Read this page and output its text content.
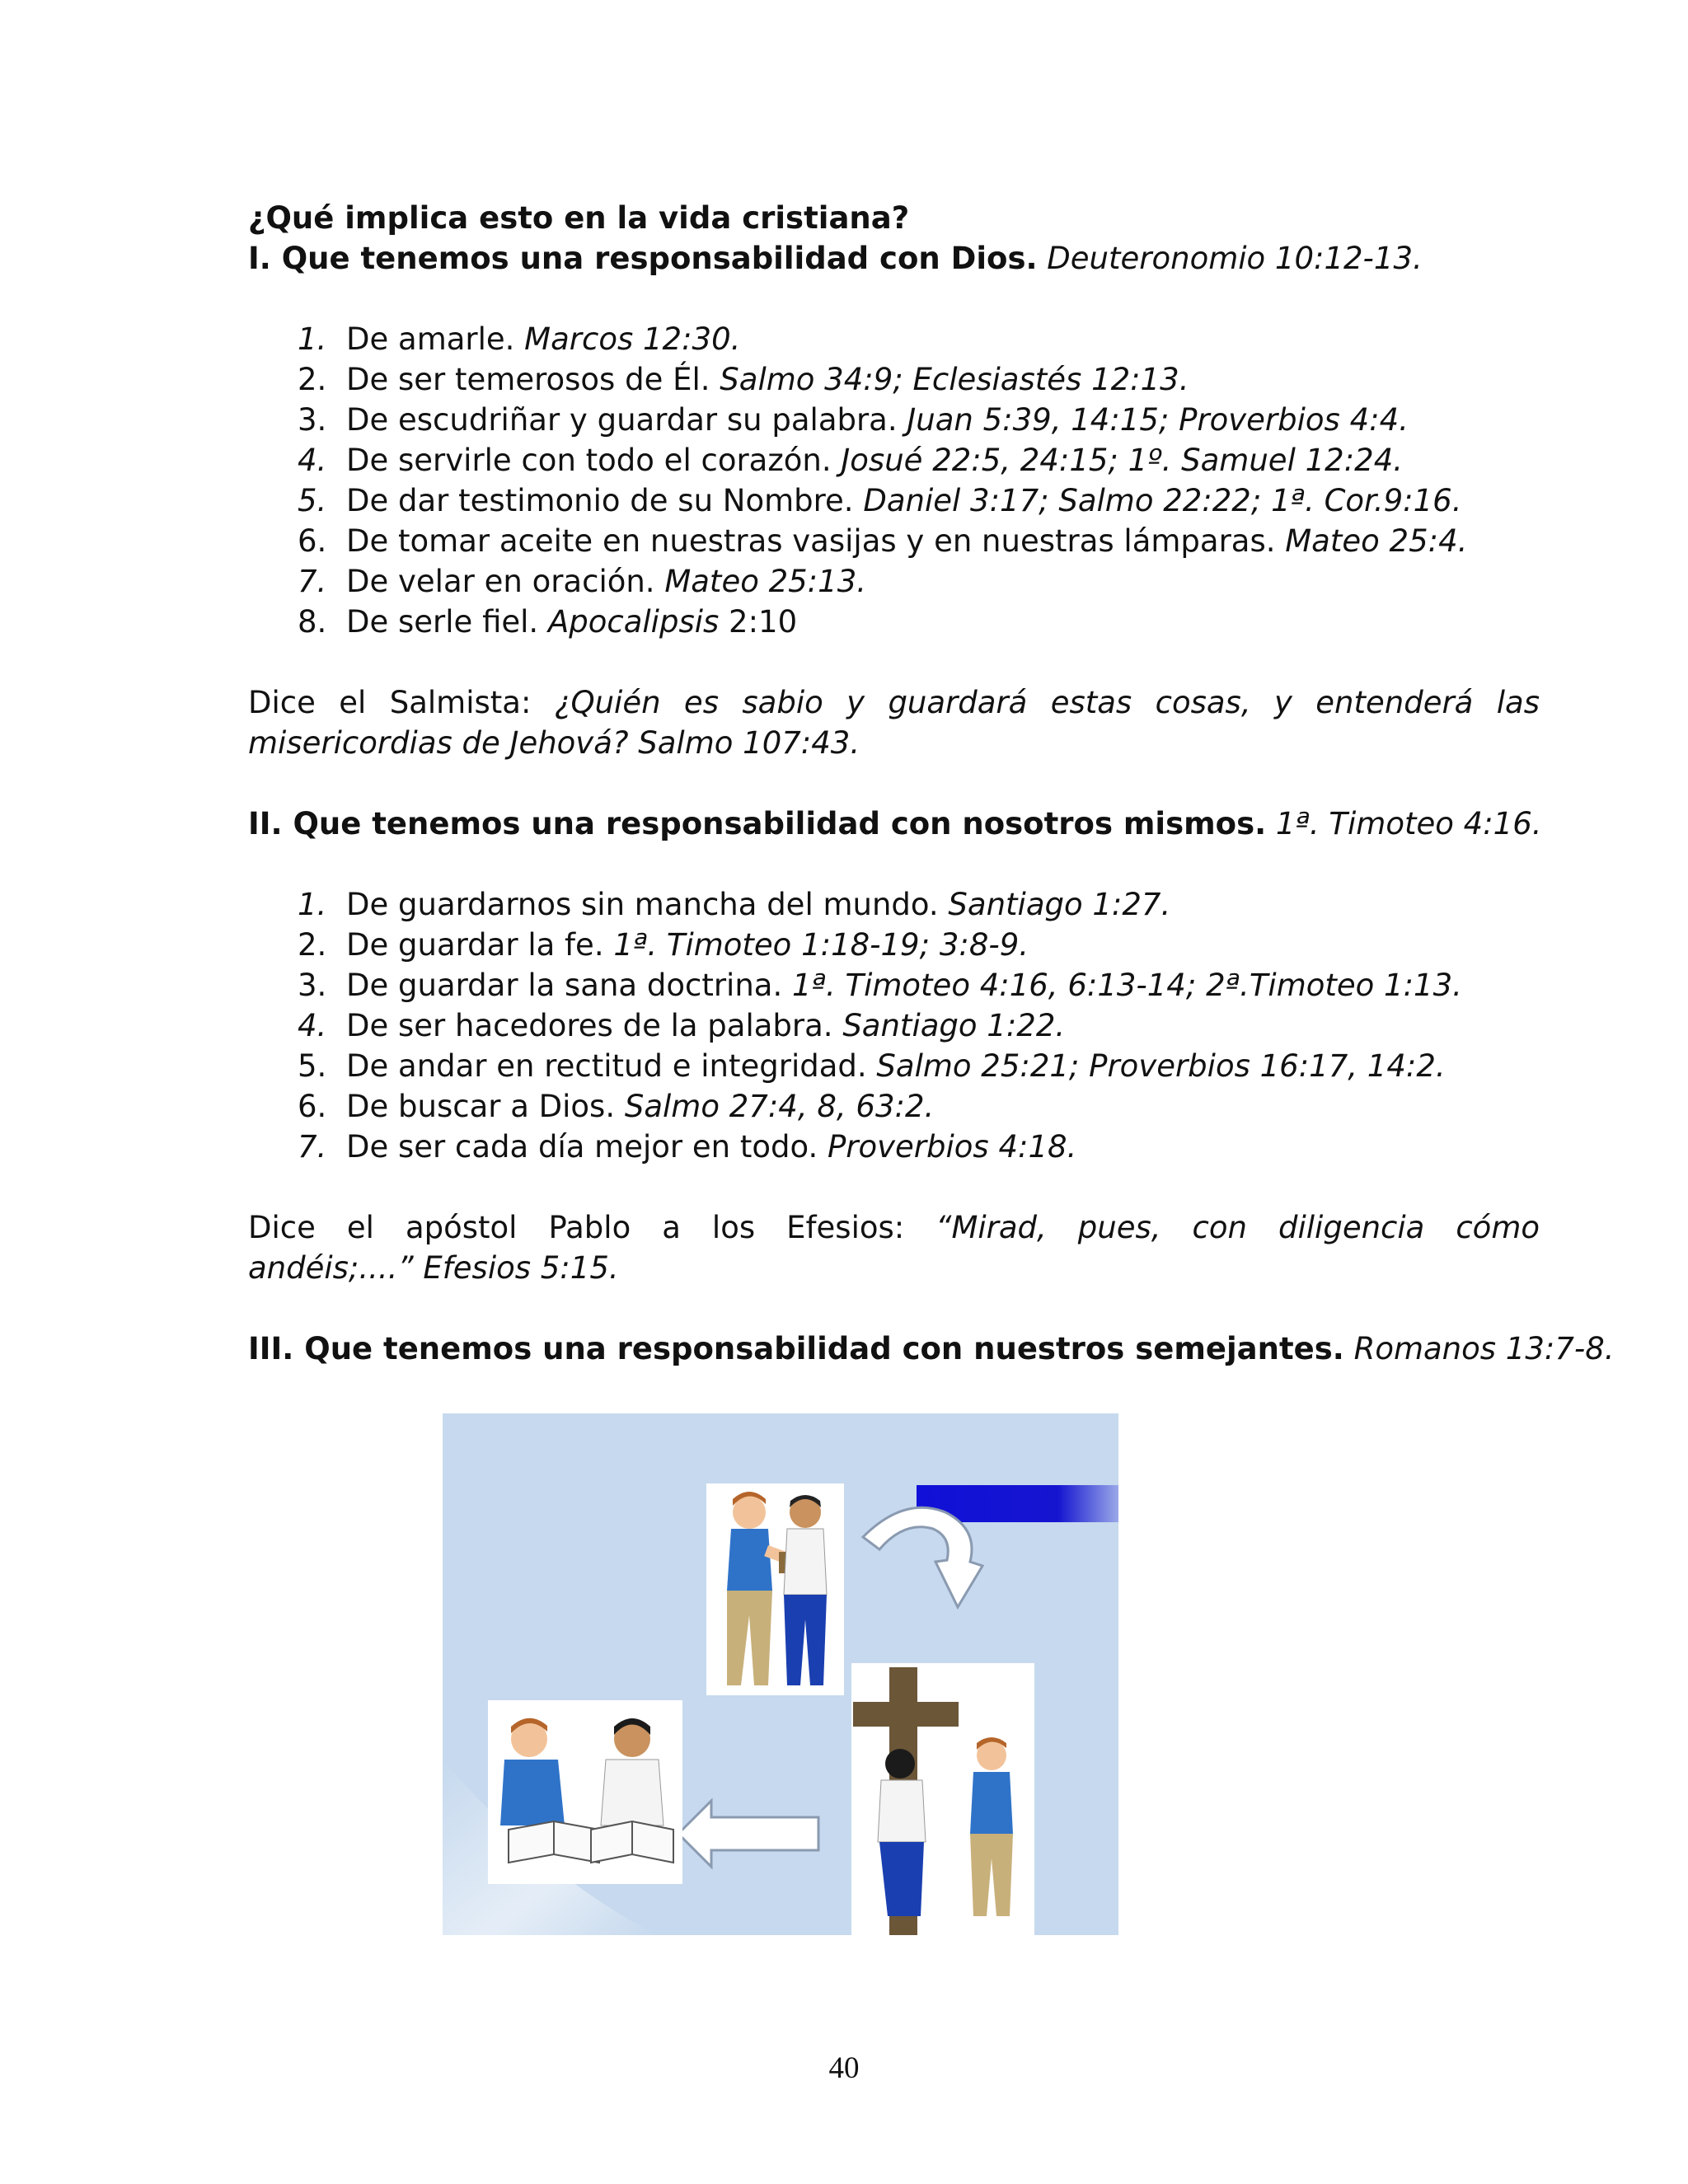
¿Qué implica esto en la vida cristiana?
I. Que tenemos una responsabilidad con Dios. Deuteronomio 10:12-13.
1. De amarle. Marcos 12:30.
2. De ser temerosos de Él. Salmo 34:9; Eclesiastés 12:13.
3. De escudriñar y guardar su palabra. Juan 5:39, 14:15; Proverbios 4:4.
4. De servirle con todo el corazón. Josué 22:5, 24:15; 1º. Samuel 12:24.
5. De dar testimonio de su Nombre. Daniel 3:17; Salmo 22:22; 1ª. Cor.9:16.
6. De tomar aceite en nuestras vasijas y en nuestras lámparas. Mateo 25:4.
7. De velar en oración. Mateo 25:13.
8. De serle fiel. Apocalipsis 2:10
Dice el Salmista: ¿Quién es sabio y guardará estas cosas, y entenderá las
misericordias de Jehová? Salmo 107:43.
II. Que tenemos una responsabilidad con nosotros mismos. 1ª. Timoteo 4:16.
1. De guardarnos sin mancha del mundo. Santiago 1:27.
2. De guardar la fe. 1ª. Timoteo 1:18-19; 3:8-9.
3. De guardar la sana doctrina. 1ª. Timoteo 4:16, 6:13-14; 2ª.Timoteo 1:13.
4. De ser hacedores de la palabra. Santiago 1:22.
5. De andar en rectitud e integridad. Salmo 25:21; Proverbios 16:17, 14:2.
6. De buscar a Dios. Salmo 27:4, 8, 63:2.
7. De ser cada día mejor en todo. Proverbios 4:18.
Dice el apóstol Pablo a los Efesios: “Mirad, pues, con diligencia cómo
andéis;....” Efesios 5:15.
III. Que tenemos una responsabilidad con nuestros semejantes. Romanos 13:7-8.
40
